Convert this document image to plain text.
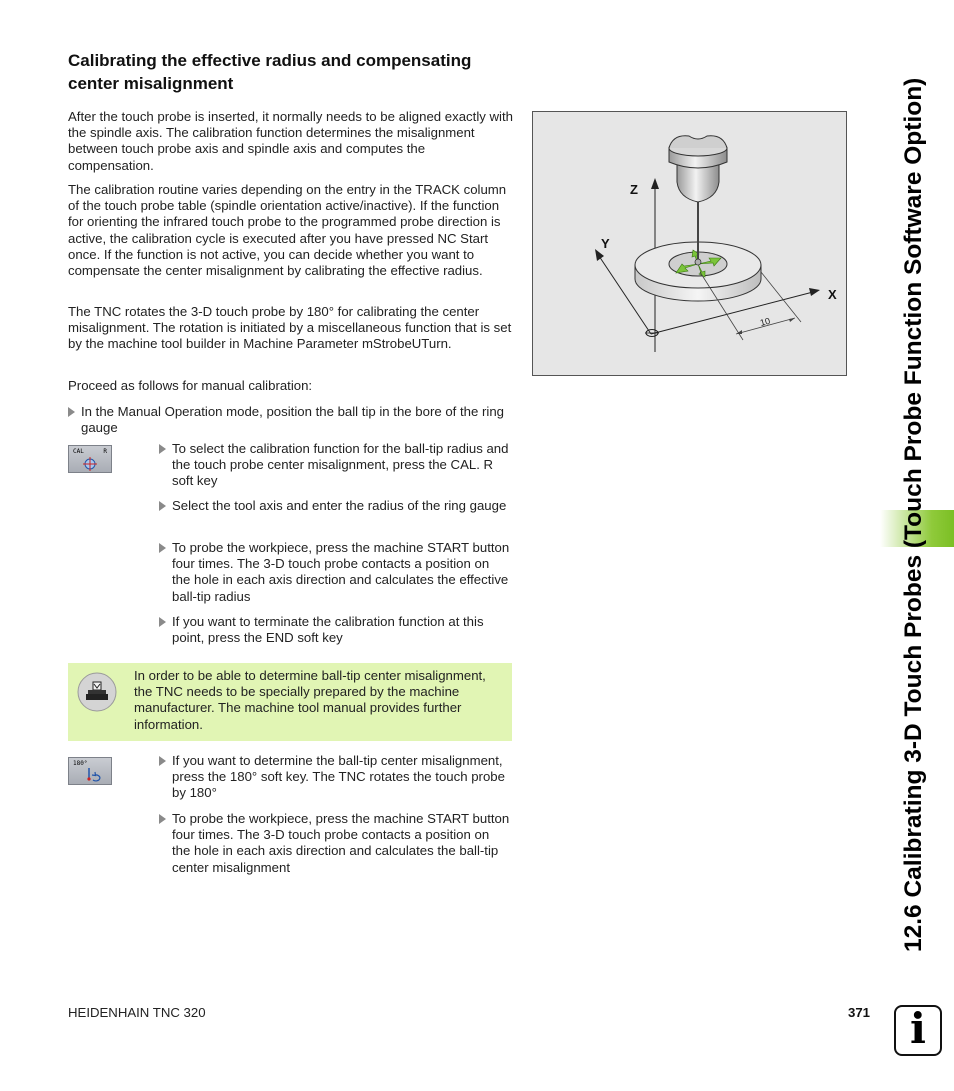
Calibrating the effective radius and compensating center misalignment
After the touch probe is inserted, it normally needs to be aligned exactly with the spindle axis. The calibration function determines the misalignment between touch probe axis and spindle axis and computes the compensation.
The calibration routine varies depending on the entry in the TRACK column of the touch probe table (spindle orientation active/inactive). If the function for orienting the infrared touch probe to the programmed probe direction is active, the calibration cycle is executed after you have pressed NC Start once. If the function is not active, you can decide whether you want to compensate the center misalignment by calibrating the effective radius.
The TNC rotates the 3-D touch probe by 180° for calibrating the center misalignment. The rotation is initiated by a miscellaneous function that is set by the machine tool builder in Machine Parameter mStrobeUTurn.
Proceed as follows for manual calibration:
In the Manual Operation mode, position the ball tip in the bore of the ring gauge
CAL	R	To select the calibration function for the ball-tip radius and the touch probe center misalignment, press the CAL. R soft key
Select the tool axis and enter the radius of the ring gauge
To probe the workpiece, press the machine START button four times. The 3-D touch probe contacts a position on the hole in each axis direction and calculates the effective ball-tip radius
If you want to terminate the calibration function at this point, press the END soft key
In order to be able to determine ball-tip center misalignment, the TNC needs to be specially prepared by the machine manufacturer. The machine tool manual provides further information.
180°	If you want to determine the ball-tip center misalignment, press the 180° soft key. The TNC rotates the touch probe by 180°
To probe the workpiece, press the machine START button four times. The 3-D touch probe contacts a position on the hole in each axis direction and calculates the ball-tip center misalignment
Z
Y
X
10	12.6 Calibrating 3-D Touch Probes (Touch Probe Function Software Option)
HEIDENHAIN TNC 320	371 i
